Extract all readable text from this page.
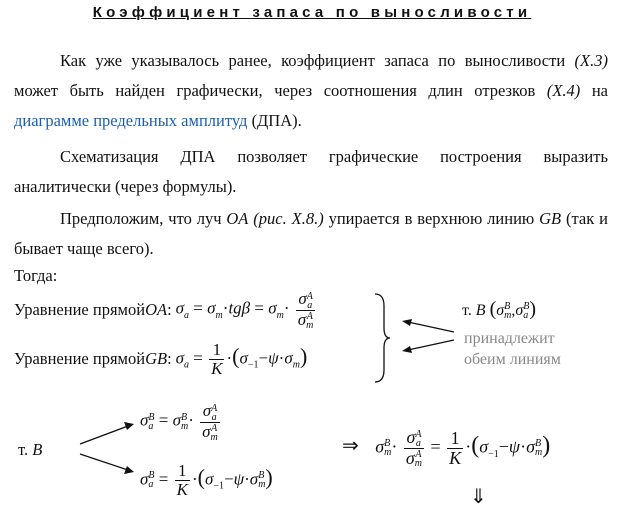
Коэффициент запаса по выносливости
Как уже указывалось ранее, коэффициент запаса по выносливости (X.3) может быть найден графически, через соотношения длин отрезков (X.4) на диаграмме предельных амплитуд (ДПА).
Схематизация ДПА позволяет графические построения выразить аналитически (через формулы).
Предположим, что луч OA (рис. X.8.) упирается в верхнюю линию GB (так и бывает чаще всего).
Тогда:
Уравнение прямой OA :
$\sigma_a = \sigma_m\cdot tg\beta = \sigma_m\cdot \sigma$ A
a
σ A
m
Уравнение прямой GB :
$\sigma_a = \frac{1}{K} \cdot(\sigma_{-1}-\psi\cdot\sigma_m)$
т. B (σ B
m ,σ B
a )
принадлежит
обеим линиям
т. B
σ B
a = σ B
m · σ A
a
σ A
m
σ B
$a = \frac{1}{K} \cdot(\sigma_{-1}-\psi\cdot\sigma$ B
m )
⇒ σ B
m · σ A
a
σ A
$m = \frac{1}{K} \cdot(\sigma_{-1}-\psi\cdot\sigma$ B
m )
⇓
